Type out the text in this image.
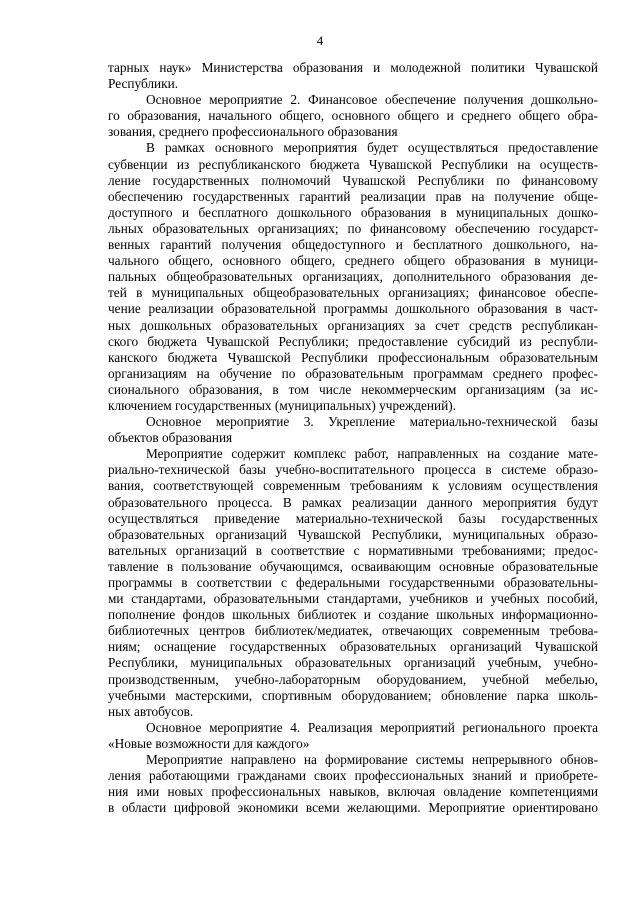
4
тарных наук» Министерства образования и молодежной политики Чувашской
Республики.
Основное мероприятие 2. Финансовое обеспечение получения дошкольно-
го образования, начального общего, основного общего и среднего общего обра-
зования, среднего профессионального образования
В рамках основного мероприятия будет осуществляться предоставление
субвенции из республиканского бюджета Чувашской Республики на осуществ-
ление государственных полномочий Чувашской Республики по финансовому
обеспечению государственных гарантий реализации прав на получение обще-
доступного и бесплатного дошкольного образования в муниципальных дошко-
льных образовательных организациях; по финансовому обеспечению государст-
венных гарантий получения общедоступного и бесплатного дошкольного, на-
чального общего, основного общего, среднего общего образования в муници-
пальных общеобразовательных организациях, дополнительного образования де-
тей в муниципальных общеобразовательных организациях; финансовое обеспе-
чение реализации образовательной программы дошкольного образования в част-
ных дошкольных образовательных организациях за счет средств республикан-
ского бюджета Чувашской Республики; предоставление субсидий из республи-
канского бюджета Чувашской Республики профессиональным образовательным
организациям на обучение по образовательным программам среднего профес-
сионального образования, в том числе некоммерческим организациям (за ис-
ключением государственных (муниципальных) учреждений).
Основное мероприятие 3. Укрепление материально-технической базы
объектов образования
Мероприятие содержит комплекс работ, направленных на создание мате-
риально-технической базы учебно-воспитательного процесса в системе образо-
вания, соответствующей современным требованиям к условиям осуществления
образовательного процесса. В рамках реализации данного мероприятия будут
осуществляться приведение материально-технической базы государственных
образовательных организаций Чувашской Республики, муниципальных образо-
вательных организаций в соответствие с нормативными требованиями; предос-
тавление в пользование обучающимся, осваивающим основные образовательные
программы в соответствии с федеральными государственными образовательны-
ми стандартами, образовательными стандартами, учебников и учебных пособий,
пополнение фондов школьных библиотек и создание школьных информационно-
библиотечных центров библиотек/медиатек, отвечающих современным требова-
ниям; оснащение государственных образовательных организаций Чувашской
Республики, муниципальных образовательных организаций учебным, учебно-
производственным, учебно-лабораторным оборудованием, учебной мебелью,
учебными мастерскими, спортивным оборудованием; обновление парка школь-
ных автобусов.
Основное мероприятие 4. Реализация мероприятий регионального проекта
«Новые возможности для каждого»
Мероприятие направлено на формирование системы непрерывного обнов-
ления работающими гражданами своих профессиональных знаний и приобрете-
ния ими новых профессиональных навыков, включая овладение компетенциями
в области цифровой экономики всеми желающими. Мероприятие ориентировано
